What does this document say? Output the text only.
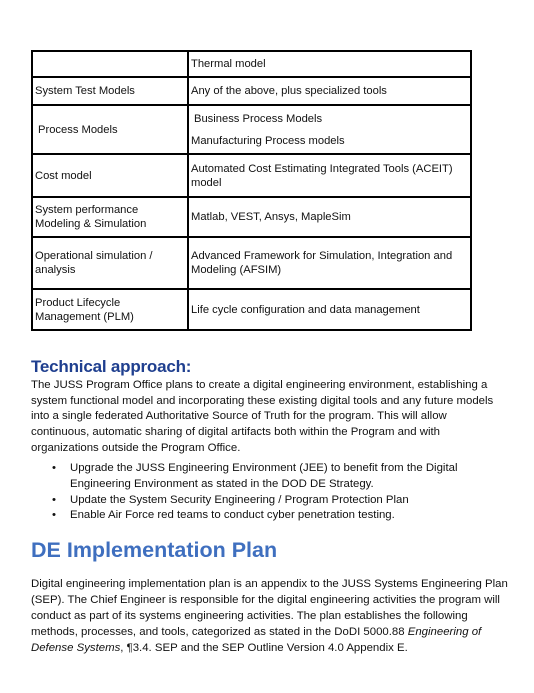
	Thermal model

System Test Models	Any of the above, plus specialized tools

Process Models	Business Process Models
Manufacturing Process models

Cost model	Automated Cost Estimating Integrated Tools (ACEIT) model

System performance Modeling & Simulation	Matlab, VEST, Ansys, MapleSim

Operational simulation / analysis	Advanced Framework for Simulation, Integration and Modeling (AFSIM)

Product Lifecycle Management (PLM)	Life cycle configuration and data management
Technical approach:

The JUSS Program Office plans to create a digital engineering environment, establishing a system functional model and incorporating these existing digital tools and any future models into a single federated Authoritative Source of Truth for the program. This will allow continuous, automatic sharing of digital artifacts both within the Program and with organizations outside the Program Office.

• Upgrade the JUSS Engineering Environment (JEE) to benefit from the Digital Engineering Environment as stated in the DOD DE Strategy.
• Update the System Security Engineering / Program Protection Plan
• Enable Air Force red teams to conduct cyber penetration testing.
DE Implementation Plan

Digital engineering implementation plan is an appendix to the JUSS Systems Engineering Plan (SEP). The Chief Engineer is responsible for the digital engineering activities the program will conduct as part of its systems engineering activities. The plan establishes the following methods, processes, and tools, categorized as stated in the DoDI 5000.88 Engineering of Defense Systems, ¶3.4. SEP and the SEP Outline Version 4.0 Appendix E.
